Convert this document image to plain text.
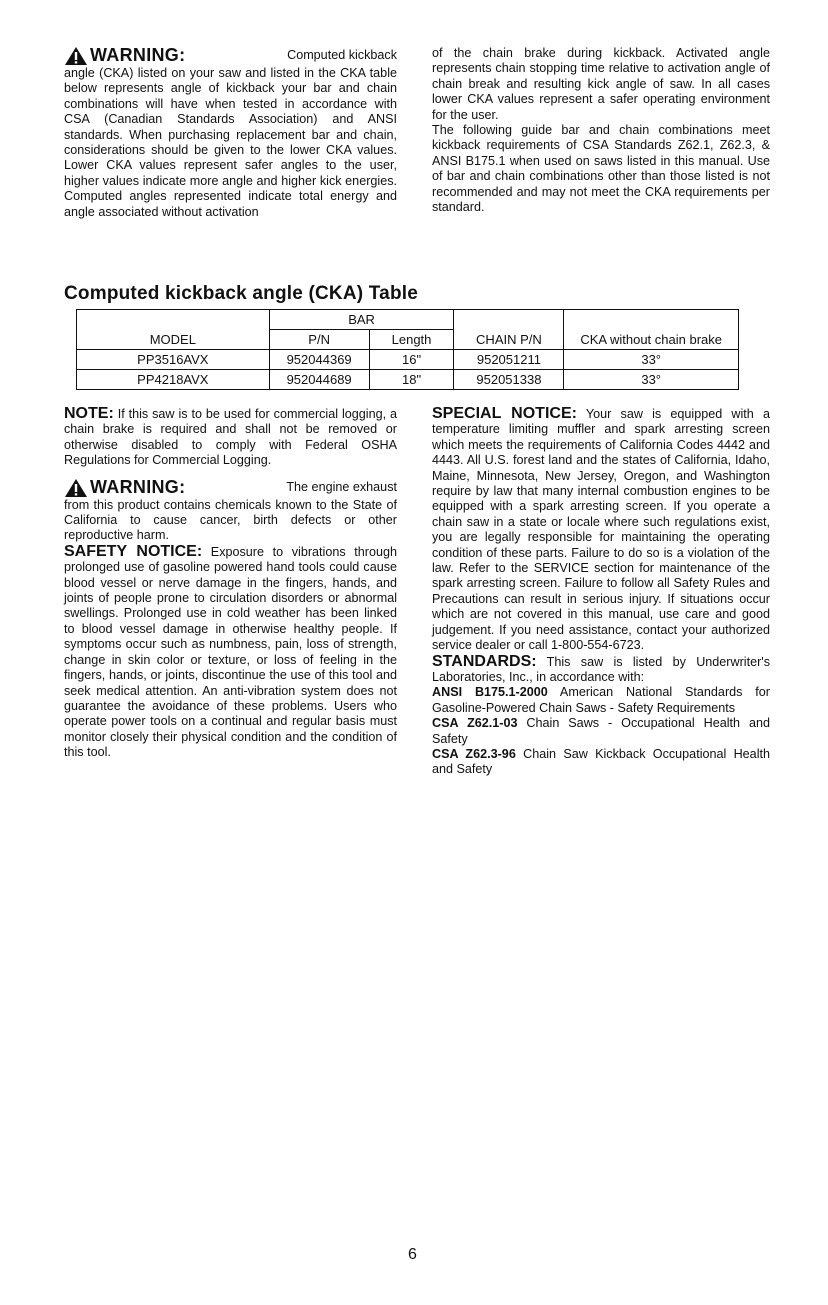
WARNING:	Computed kickback

angle (CKA) listed on your saw and listed in the CKA table below represents angle of kickback your bar and chain combinations will have when tested in accordance with CSA (Canadian Standards Association) and ANSI standards. When purchasing replacement bar and chain, considerations should be given to the lower CKA values. Lower CKA values represent safer angles to the user, higher values indicate more angle and higher kick energies. Computed angles represented indicate total energy and angle associated without activation

of the chain brake during kickback. Activated angle represents chain stopping time relative to activation angle of chain break and resulting kick angle of saw. In all cases lower CKA values represent a safer operating environment for the user.

The following guide bar and chain combinations meet kickback requirements of CSA Standards Z62.1, Z62.3, & ANSI B175.1 when used on saws listed in this manual. Use of bar and chain combinations other than those listed is not recommended and may not meet the CKA requirements per standard.

Computed kickback angle (CKA) Table
	BAR			
MODEL	P/N	Length	CHAIN P/N	CKA without chain brake
PP3516AVX	952044369	16"	952051211	33°
PP4218AVX	952044689	18"	952051338	33°

NOTE: If this saw is to be used for commercial logging, a chain brake is required and shall not be removed or otherwise disabled to comply with Federal OSHA Regulations for Commercial Logging.

WARNING:	The engine exhaust

from this product contains chemicals known to the State of California to cause cancer, birth defects or other reproductive harm.

SAFETY NOTICE: Exposure to vibrations through prolonged use of gasoline powered hand tools could cause blood vessel or nerve damage in the fingers, hands, and joints of people prone to circulation disorders or abnormal swellings. Prolonged use in cold weather has been linked to blood vessel damage in otherwise healthy people. If symptoms occur such as numbness, pain, loss of strength, change in skin color or texture, or loss of feeling in the fingers, hands, or joints, discontinue the use of this tool and seek medical attention. An anti-vibration system does not guarantee the avoidance of these problems. Users who operate power tools on a continual and regular basis must monitor closely their physical condition and the condition of this tool.

SPECIAL NOTICE: Your saw is equipped with a temperature limiting muffler and spark arresting screen which meets the requirements of California Codes 4442 and 4443. All U.S. forest land and the states of California, Idaho, Maine, Minnesota, New Jersey, Oregon, and Washington require by law that many internal combustion engines to be equipped with a spark arresting screen. If you operate a chain saw in a state or locale where such regulations exist, you are legally responsible for maintaining the operating condition of these parts. Failure to do so is a violation of the law. Refer to the SERVICE section for maintenance of the spark arresting screen. Failure to follow all Safety Rules and Precautions can result in serious injury. If situations occur which are not covered in this manual, use care and good judgement. If you need assistance, contact your authorized service dealer or call 1-800-554-6723.

STANDARDS: This saw is listed by Underwriter's Laboratories, Inc., in accordance with:

ANSI B175.1-2000 American National Standards for Gasoline-Powered Chain Saws - Safety Requirements

CSA Z62.1-03 Chain Saws - Occupational Health and Safety

CSA Z62.3-96 Chain Saw Kickback Occupational Health and Safety

6
